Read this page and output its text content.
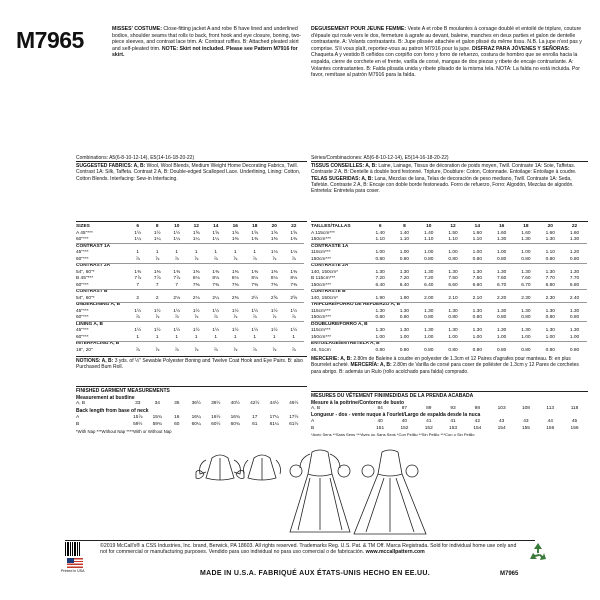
M7965	MISSES' COSTUME: Close-fitting jacket A and robe B have lined and underlined bodice, shoulder seams that rolls to back, front hook and eye closure, boning, two-piece sleeves, and contrast lace trim. A: Contrast ruffles. B: Attached pleated skirt and self-pleated trim. NOTE: Skirt not included. Please see Pattern M7916 for skirt.
DEGUISEMENT POUR JEUNE FEMME: Veste A et robe B moulantes à corsage doublé et entoilé de triplure, couture d'épaule qui roule vers le dos, fermeture à agrafe au devant, baleine, manches en deux parties et galon de dentelle contrastante. A: Volants contrastants. B: Jupe plissée attachée et galon plissé du même tissu. N.B. La jupe n'est pas y comprise. S'il vous plaît, reportez-vous au patron M7916 pour la jupe. DISFRAZ PARA JÓVENES Y SEÑORAS: Chaqueta A y vestido B ceñidos con corpiño con forro y forro de refuerzo, costura de hombro que se enrolla hacia la espalda, cierre de corchete en el frente, varilla de corsé, mangas de dos piezas y ribete de encaje contrastante. A: Volantes contrastantes. B: Falda plisada unida y ribete plisado de la misma tela. NOTA: La falda no está incluida. Por favor, remítase al patrón M7916 para la falda.
Combinations: A5(6-8-10-12-14), E5(14-16-18-20-22)
SUGGESTED FABRICS: A, B: Wool, Wool Blends, Medium Weight Home Decorating Fabrics, Twill. Contrast 1A: Silk, Taffeta. Contrast 2 A, B: Double-edged Scalloped Lace. Underlining, Lining: Cotton, Cotton Blends. Interfacing: Sew-in Interfacing.
Séries/Combinaciones: A5(6-8-10-12-14), E5(14-16-18-20-22)
TISSUS CONSEILLÉS: A, B: Laine, Lainage, Tissus de décoration de poids moyen, Twill. Contraste 1A: Soie, Taffetas. Contraste 2 A, B: Dentelle à double bord festonné. Triplure, Doublure: Coton, Cotonnade. Entoilage: Entoilage à coudre. TELAS SUGERIDAS: A, B: Lana, Mezclas de lana, Telas de decoración de peso mediano, Twill. Contraste 1A: Seda, Tafetán. Contraste 2 A, B: Encaje con doble borde festoneado. Forro de refuerzo, Forro: Algodón, Mezclas de algodón. Entretela: Entretela para coser.
SIZES	6	8	10	12	14	16	18	20	22
A 45"***	1½	1½	1½	1⅝	1⅝	1⅝	1⅝	1⅝	1⅝
60"***	1¼	1¼	1¼	1¼	1¼	1⅜	1⅜	1⅜	1⅜
CONTRAST 1A
45"***	1	1	1	1	1	1	1	1⅛	1⅛
60"***	⅞	⅞	⅞	⅞	⅞	⅞	⅞	⅞	⅞
CONTRAST 2A
54", 60"*	1⅜	1⅜	1⅜	1⅜	1⅜	1⅜	1⅜	1⅜	1⅜
B 45"***	7⅞	7⅞	7⅞	8⅛	8⅛	8⅛	8⅛	8⅛	8⅛
60"***	7	7	7	7⅜	7⅜	7⅜	7⅜	7⅜	7⅜
CONTRAST B
54", 60"*	2	2	2⅛	2⅛	2¼	2⅜	2½	2⅝	2⅝
UNDERLINING A, B
45"***	1½	1½	1½	1½	1½	1½	1½	1½	1½
60"***	⅞	⅞	⅞	⅞	⅞	⅞	⅞	⅞	⅞
LINING A, B
45"***	1½	1½	1½	1½	1½	1½	1½	1½	1½
60"***	1	1	1	1	1	1	1	1	1
INTERFACING A, B
18", 20"	⅞	⅞	⅞	⅞	⅞	⅞	⅞	⅞	⅞
TAILLES/TALLAS	6	8	10	12	14	16	18	20	22
A 115cm***	1.40	1.40	1.40	1.50	1.60	1.60	1.60	1.60	1.60
150cm***	1.10	1.10	1.10	1.10	1.10	1.30	1.30	1.30	1.30
CONTRASTE 1A
115cm***	1.00	1.00	1.00	1.00	1.00	1.00	1.00	1.10	1.20
150cm***	0.80	0.80	0.80	0.80	0.80	0.80	0.80	0.80	0.80
CONTRASTE 2A
140, 150cm*	1.30	1.30	1.30	1.30	1.30	1.30	1.30	1.30	1.30
B 115cm***	7.20	7.20	7.20	7.50	7.50	7.60	7.60	7.70	7.70
150cm***	6.40	6.40	6.40	6.60	6.60	6.70	6.70	6.80	6.80
CONTRASTE B
140, 150cm*	1.90	1.90	2.00	2.10	2.10	2.20	2.30	2.30	2.40
TRIPLURE/FORRO DE REFUERZO A, B
115cm***	1.30	1.30	1.30	1.30	1.30	1.30	1.30	1.30	1.30
150cm***	0.80	0.80	0.80	0.80	0.80	0.80	0.80	0.80	0.80
DOUBLURE/FORRO A, B
115cm***	1.30	1.30	1.30	1.30	1.30	1.30	1.30	1.30	1.30
150cm***	1.00	1.00	1.00	1.00	1.00	1.00	1.00	1.00	1.00
ENTOILAGE/ENTRETELA A, B
46, 51cm	0.80	0.80	0.80	0.80	0.80	0.80	0.80	0.80	0.80
NOTIONS: A, B: 3 yds. of ½" Sewable Polyester Boning and Twelve Coat Hook and Eye Pairs. B: also Purchased Bum Roll.
MERCERIE: A, B: 2.80m de Baleine à coudre en polyester de 1.3cm et 12 Paires d'agrafes pour manteau. B: en plus Bourrelet acheté. MERCERÍA: A, B: 2.80m de Varilla de corsé para coser de poliéster de 1.3cm y 12 Pares de corchetes para abrigo. B: además un Rulo (rollo acolchado para falda) comprado.
FINISHED GARMENT MEASUREMENTS
Measurement at bustline
A, B	33	34	35	36½	38½	40½	42½	44½	46½
Back length from base of neck
A	15⅞	15¾	16	16¼	16½	16¾	17	17¼	17½
B	59½	59¾	60	60¼	60½	60¾	61	61¼	61½
*With Nap ***Without Nap ****With or Without Nap
MESURES DU VÊTEMENT FINI/MEDIDAS DE LA PRENDA ACABADA
Mesure à la poitrine/Contorno de busto
A, B	84	87	89	93	98	103	108	113	118
Longueur - dos - vente nuque à l'ourlet/Largo de espalda desde la nuca
A	40	40	41	41	42	43	43	44	45
B	151	152	152	153	154	154	155	156	156
*Avec Sens **Sans Sens ***Avec ou Sans Sens *Con Pelillo **Sin Pelillo ***Con o Sin Pelillo
Printed in USA
©2019 McCall's® a CSS Industries, Inc. brand, Berwick, PA 18603. All rights reserved. Trademarks Reg. U.S. Pat. & TM Off. Marca Registrada. Sold for individual home use only and not for commercial or manufacturing purposes. Vendido para uso individual no para uso comercial o de fabricación. www.mccallpattern.com
MADE IN U.S.A. FABRIQUÉ AUX ÉTATS-UNIS HECHO EN EE.UU.	M7965
